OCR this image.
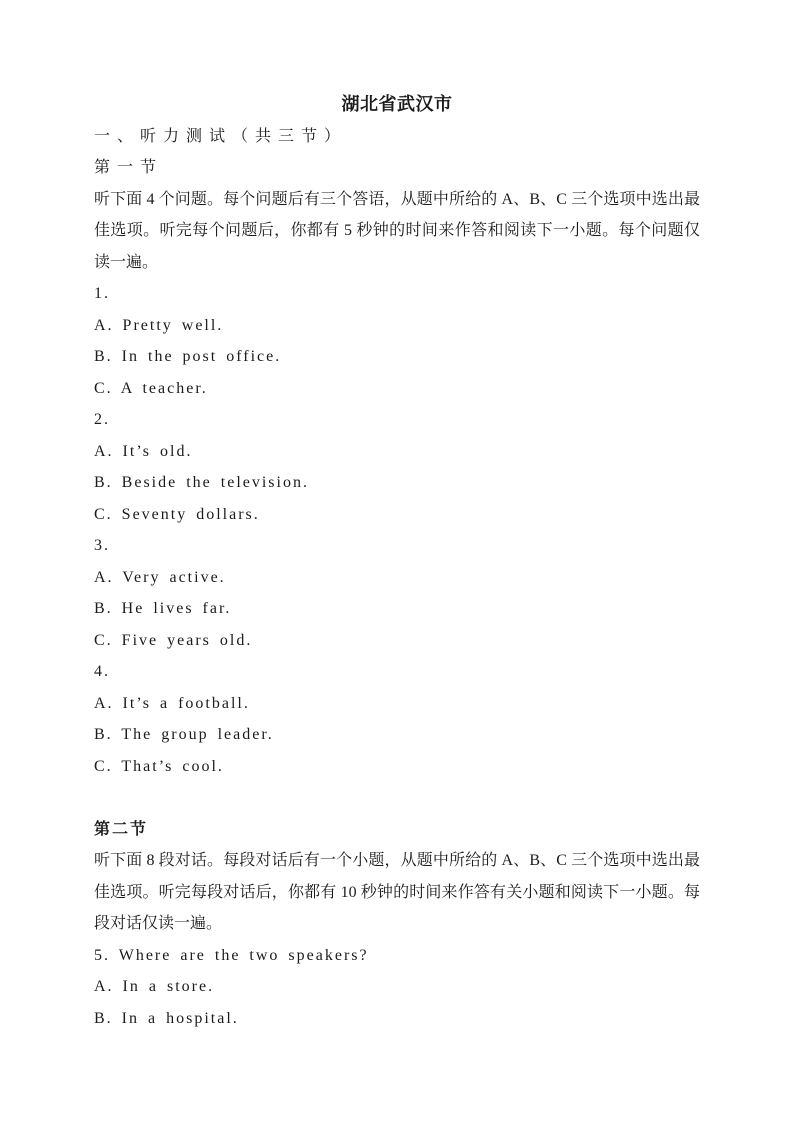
湖北省武汉市

一、听力测试（共三节）

第一节

听下面 4 个问题。每个问题后有三个答语，从题中所给的 A、B、C 三个选项中选出最佳选项。听完每个问题后，你都有 5 秒钟的时间来作答和阅读下一小题。每个问题仅读一遍。

1.

A. Pretty well.

B. In the post office.

C. A teacher.

2.

A. It’s old.

B. Beside the television.

C. Seventy dollars.

3.

A. Very active.

B. He lives far.

C. Five years old.

4.

A. It’s a football.

B. The group leader.

C. That’s cool.

第二节

听下面 8 段对话。每段对话后有一个小题，从题中所给的 A、B、C 三个选项中选出最佳选项。听完每段对话后，你都有 10 秒钟的时间来作答有关小题和阅读下一小题。每段对话仅读一遍。

5. Where are the two speakers?

A. In a store.

B. In a hospital.
